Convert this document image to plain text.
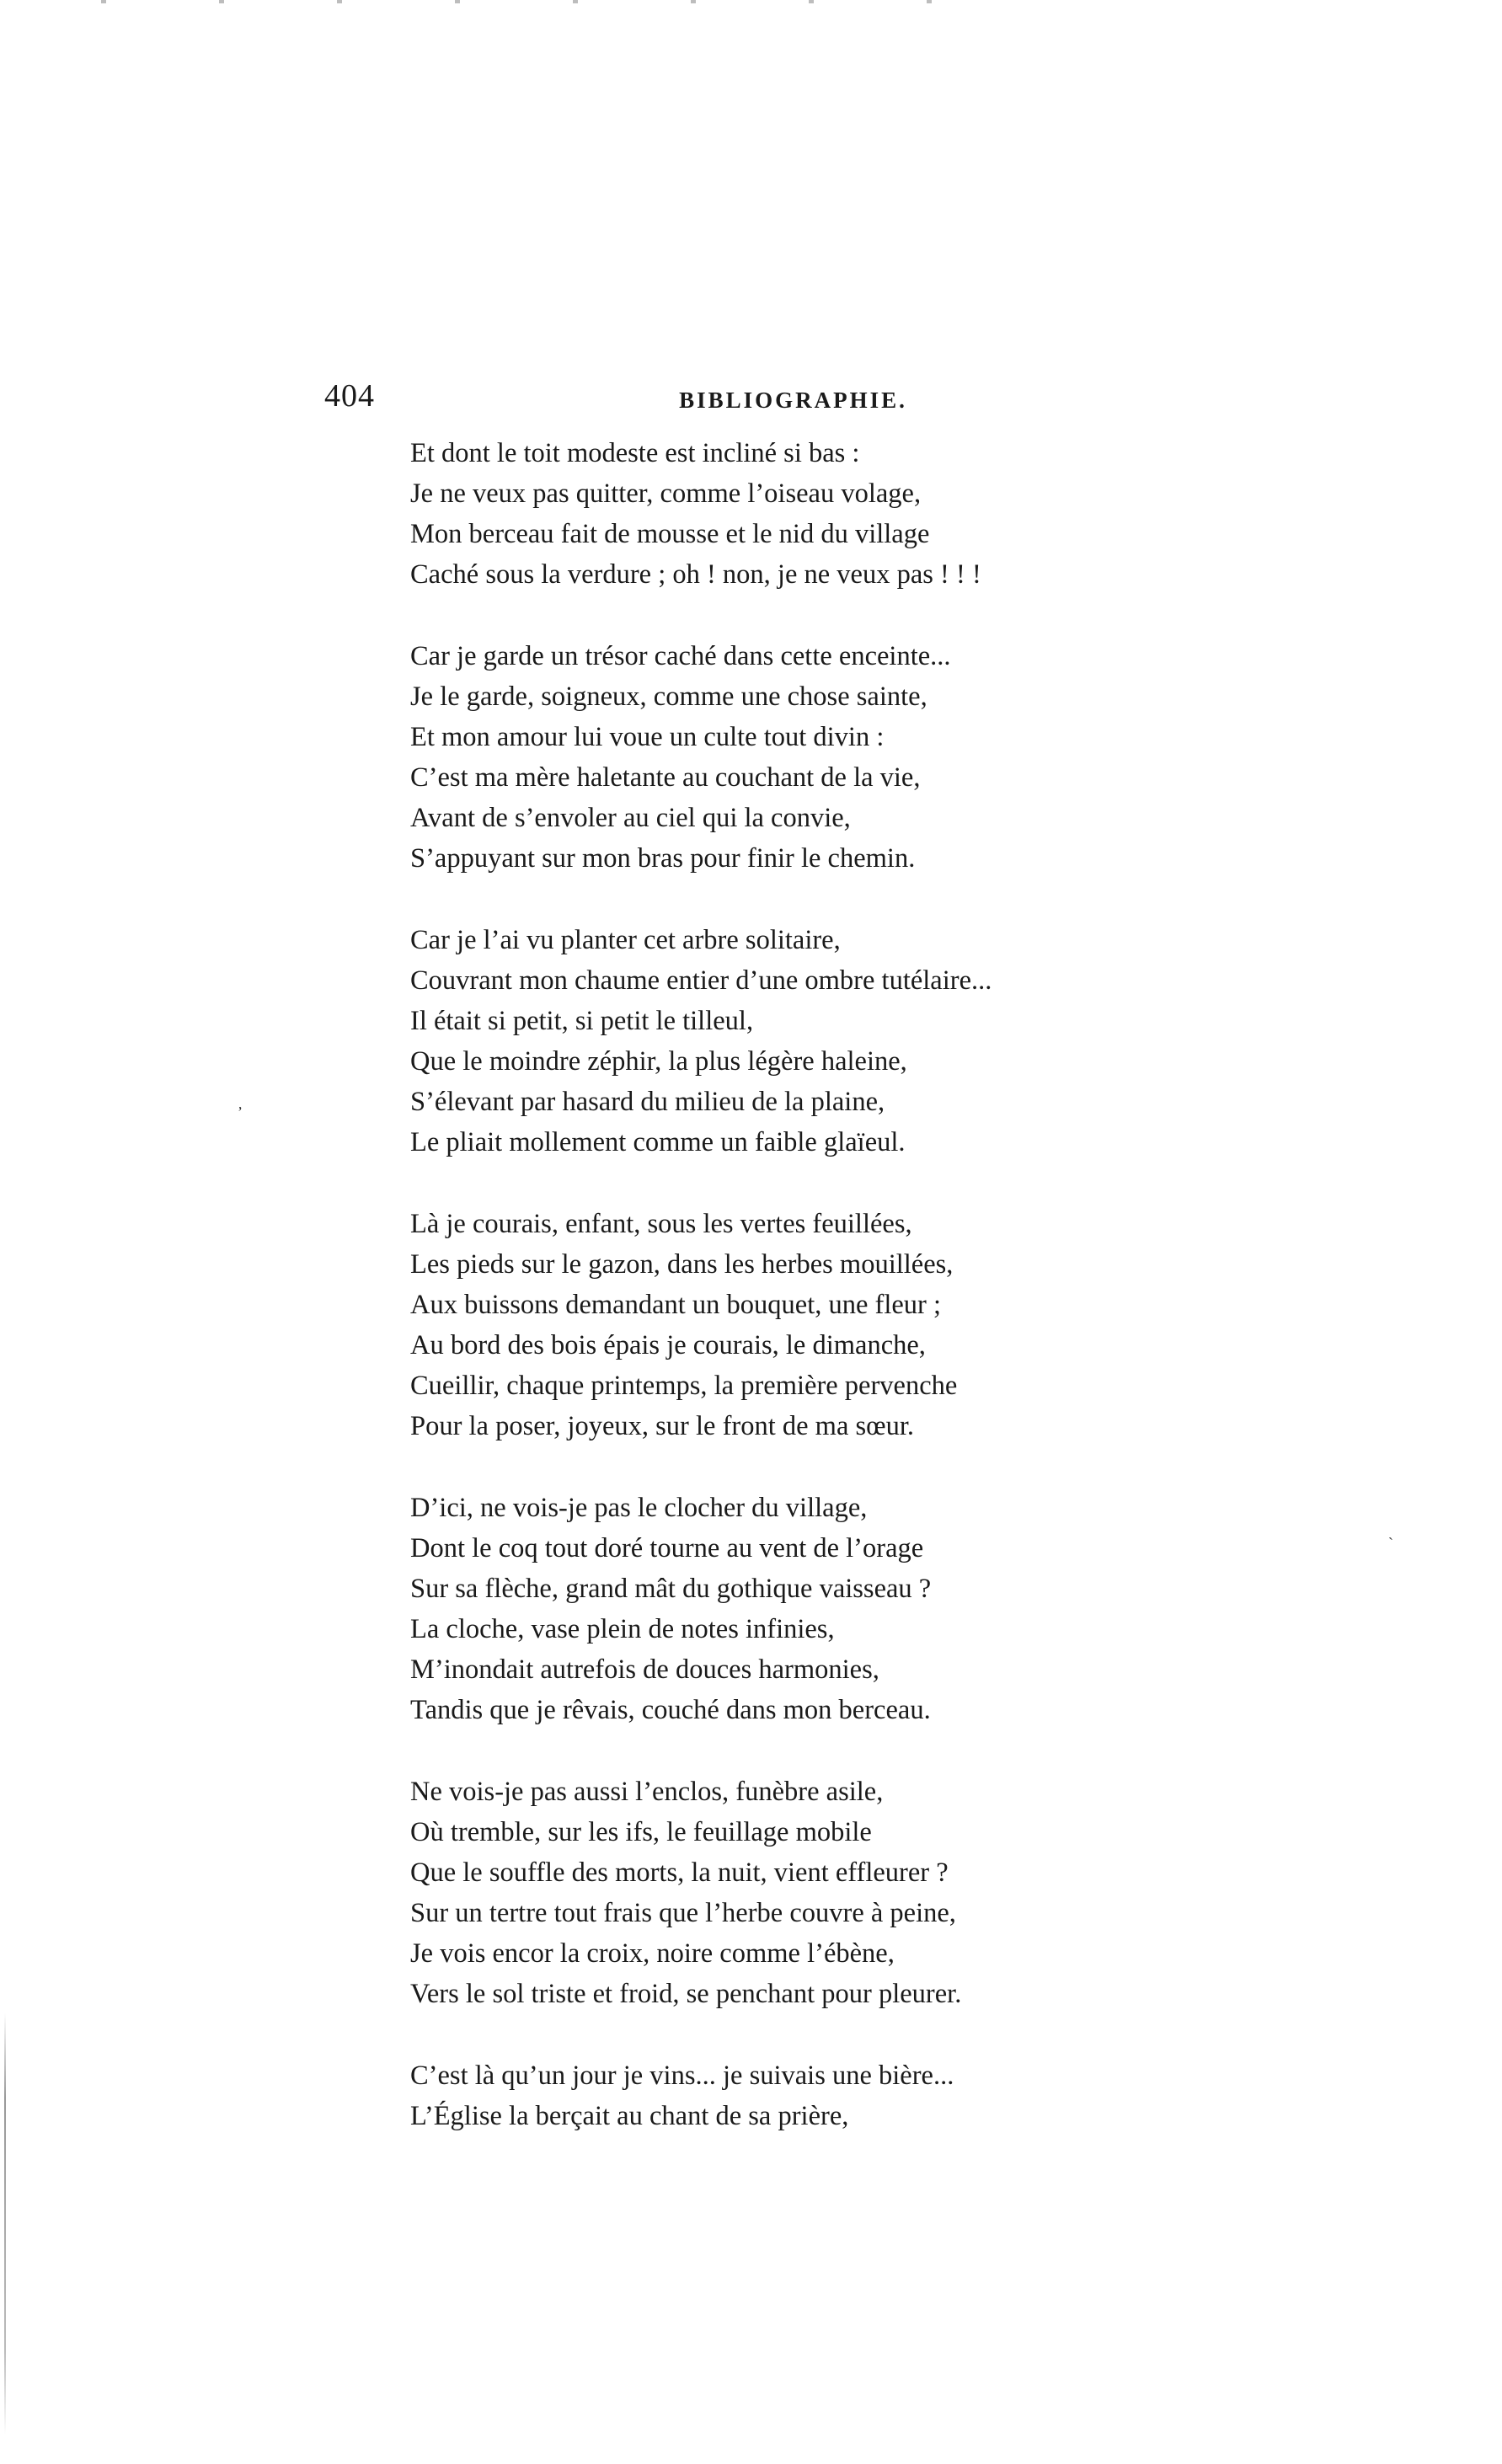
404	BIBLIOGRAPHIE.
Et dont le toit modeste est incliné si bas :
Je ne veux pas quitter, comme l’oiseau volage,
Mon berceau fait de mousse et le nid du village
Caché sous la verdure ; oh ! non, je ne veux pas ! ! !
Car je garde un trésor caché dans cette enceinte...
Je le garde, soigneux, comme une chose sainte,
Et mon amour lui voue un culte tout divin :
C’est ma mère haletante au couchant de la vie,
Avant de s’envoler au ciel qui la convie,
S’appuyant sur mon bras pour finir le chemin.
Car je l’ai vu planter cet arbre solitaire,
Couvrant mon chaume entier d’une ombre tutélaire...
Il était si petit, si petit le tilleul,
Que le moindre zéphir, la plus légère haleine,
S’élevant par hasard du milieu de la plaine,
Le pliait mollement comme un faible glaïeul.
Là je courais, enfant, sous les vertes feuillées,
Les pieds sur le gazon, dans les herbes mouillées,
Aux buissons demandant un bouquet, une fleur ;
Au bord des bois épais je courais, le dimanche,
Cueillir, chaque printemps, la première pervenche
Pour la poser, joyeux, sur le front de ma sœur.
D’ici, ne vois-je pas le clocher du village,
Dont le coq tout doré tourne au vent de l’orage
Sur sa flèche, grand mât du gothique vaisseau ?
La cloche, vase plein de notes infinies,
M’inondait autrefois de douces harmonies,
Tandis que je rêvais, couché dans mon berceau.
Ne vois-je pas aussi l’enclos, funèbre asile,
Où tremble, sur les ifs, le feuillage mobile
Que le souffle des morts, la nuit, vient effleurer ?
Sur un tertre tout frais que l’herbe couvre à peine,
Je vois encor la croix, noire comme l’ébène,
Vers le sol triste et froid, se penchant pour pleurer.
C’est là qu’un jour je vins... je suivais une bière...
L’Église la berçait au chant de sa prière,
ʼ
ˋ
